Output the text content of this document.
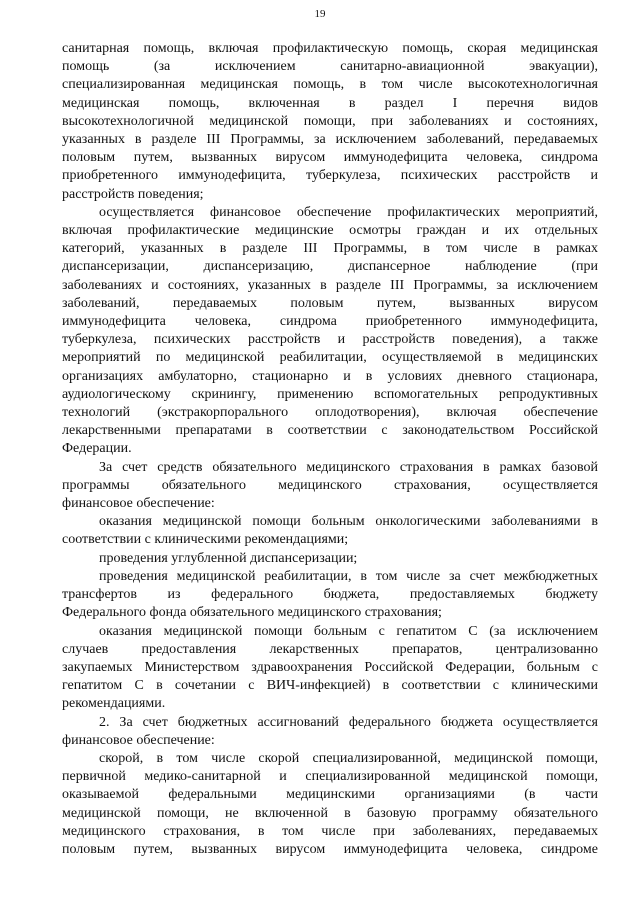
19
санитарная помощь, включая профилактическую помощь, скорая медицинская
помощь (за исключением санитарно-авиационной эвакуации),
специализированная медицинская помощь, в том числе высокотехнологичная
медицинская помощь, включенная в раздел I перечня видов
высокотехнологичной медицинской помощи, при заболеваниях и состояниях,
указанных в разделе III Программы, за исключением заболеваний, передаваемых
половым путем, вызванных вирусом иммунодефицита человека, синдрома
приобретенного иммунодефицита, туберкулеза, психических расстройств и
расстройств поведения;
осуществляется финансовое обеспечение профилактических мероприятий,
включая профилактические медицинские осмотры граждан и их отдельных
категорий, указанных в разделе III Программы, в том числе в рамках
диспансеризации, диспансеризацию, диспансерное наблюдение (при
заболеваниях и состояниях, указанных в разделе III Программы, за исключением
заболеваний, передаваемых половым путем, вызванных вирусом
иммунодефицита человека, синдрома приобретенного иммунодефицита,
туберкулеза, психических расстройств и расстройств поведения), а также
мероприятий по медицинской реабилитации, осуществляемой в медицинских
организациях амбулаторно, стационарно и в условиях дневного стационара,
аудиологическому скринингу, применению вспомогательных репродуктивных
технологий (экстракорпорального оплодотворения), включая обеспечение
лекарственными препаратами в соответствии с законодательством Российской
Федерации.
За счет средств обязательного медицинского страхования в рамках базовой
программы обязательного медицинского страхования, осуществляется
финансовое обеспечение:
оказания медицинской помощи больным онкологическими заболеваниями в
соответствии с клиническими рекомендациями;
проведения углубленной диспансеризации;
проведения медицинской реабилитации, в том числе за счет межбюджетных
трансфертов из федерального бюджета, предоставляемых бюджету
Федерального фонда обязательного медицинского страхования;
оказания медицинской помощи больным с гепатитом С (за исключением
случаев предоставления лекарственных препаратов, централизованно
закупаемых Министерством здравоохранения Российской Федерации, больным с
гепатитом С в сочетании с ВИЧ-инфекцией) в соответствии с клиническими
рекомендациями.
2. За счет бюджетных ассигнований федерального бюджета осуществляется
финансовое обеспечение:
скорой, в том числе скорой специализированной, медицинской помощи,
первичной медико-санитарной и специализированной медицинской помощи,
оказываемой федеральными медицинскими организациями (в части
медицинской помощи, не включенной в базовую программу обязательного
медицинского страхования, в том числе при заболеваниях, передаваемых
половым путем, вызванных вирусом иммунодефицита человека, синдроме
